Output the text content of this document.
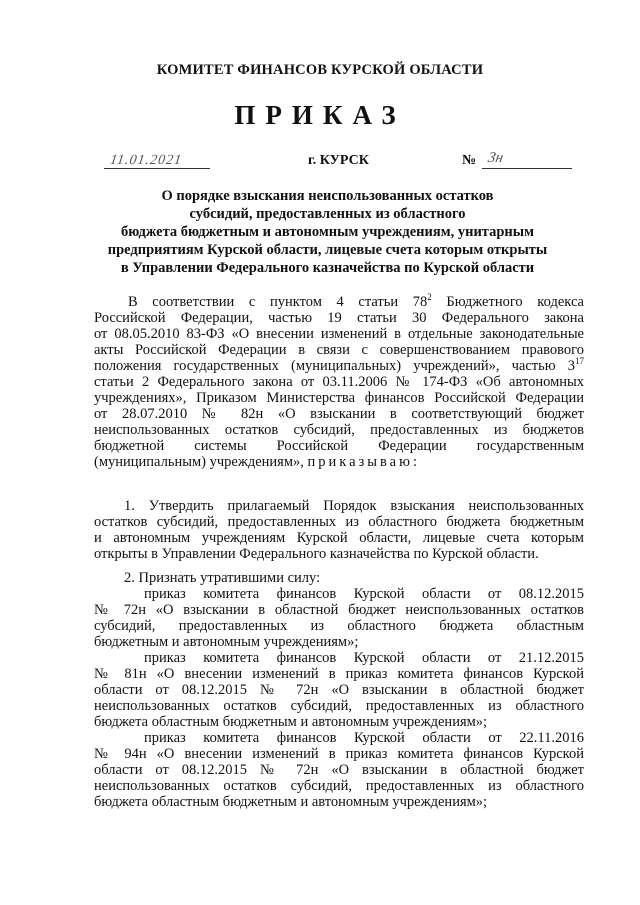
КОМИТЕТ ФИНАНСОВ КУРСКОЙ ОБЛАСТИ
ПРИКАЗ
11.01.2021	г. КУРСК	№ 3н
О порядке взыскания неиспользованных остатков
субсидий, предоставленных из областного
бюджета бюджетным и автономным учреждениям, унитарным
предприятиям Курской области, лицевые счета которым открыты
в Управлении Федерального казначейства по Курской области
В соответствии с пунктом 4 статьи $78^2$ Бюджетного кодекса
Российской Федерации, частью 19 статьи 30 Федерального закона
от 08.05.2010 83-ФЗ «О внесении изменений в отдельные законодательные
акты Российской Федерации в связи с совершенствованием правового
положения государственных (муниципальных) учреждений», частью $3^{17}$
статьи 2 Федерального закона от 03.11.2006 № 174-ФЗ «Об автономных
учреждениях», Приказом Министерства финансов Российской Федерации
от 28.07.2010 № 82н «О взыскании в соответствующий бюджет
неиспользованных остатков субсидий, предоставленных из бюджетов
бюджетной системы Российской Федерации государственным
(муниципальным) учреждениям», приказываю:
1. Утвердить прилагаемый Порядок взыскания неиспользованных
остатков субсидий, предоставленных из областного бюджета бюджетным
и автономным учреждениям Курской области, лицевые счета которым
открыты в Управлении Федерального казначейства по Курской области.
2. Признать утратившими силу:
приказ комитета финансов Курской области от 08.12.2015
№ 72н «О взыскании в областной бюджет неиспользованных остатков
субсидий, предоставленных из областного бюджета областным
бюджетным и автономным учреждениям»;
приказ комитета финансов Курской области от 21.12.2015
№ 81н «О внесении изменений в приказ комитета финансов Курской
области от 08.12.2015 № 72н «О взыскании в областной бюджет
неиспользованных остатков субсидий, предоставленных из областного
бюджета областным бюджетным и автономным учреждениям»;
приказ комитета финансов Курской области от 22.11.2016
№ 94н «О внесении изменений в приказ комитета финансов Курской
области от 08.12.2015 № 72н «О взыскании в областной бюджет
неиспользованных остатков субсидий, предоставленных из областного
бюджета областным бюджетным и автономным учреждениям»;
